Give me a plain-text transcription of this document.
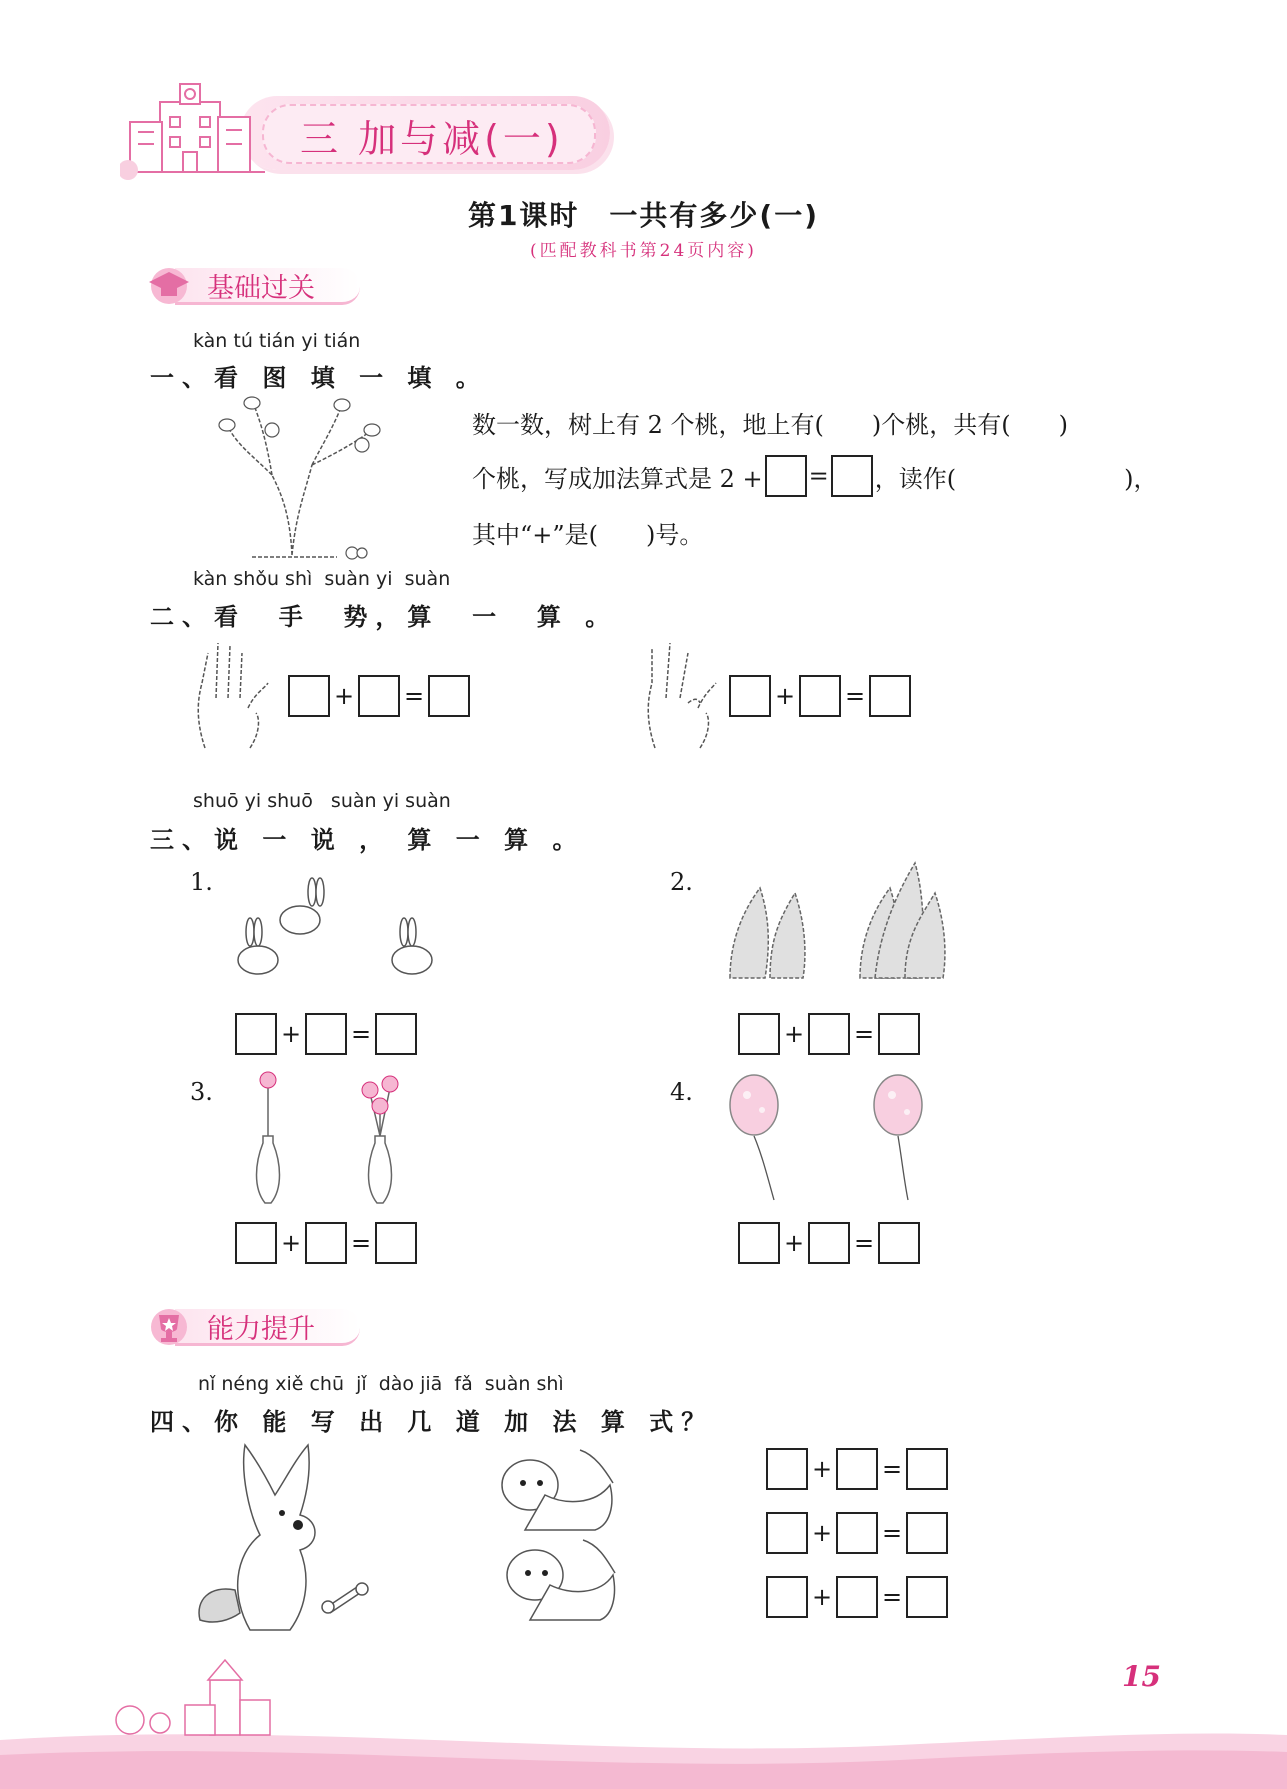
三 加与减(一)
第1课时　一共有多少(一)
(匹配教科书第24页内容)
基础过关
kàn tú tián yi tián
一、看 图 填 一 填 。
数一数，树上有 2 个桃，地上有(　　)个桃，共有(　　)
个桃，写成加法算式是 2 + = ，读作(　　　　　　　)，
其中“+”是(　　)号。
kàn shǒu shì  suàn yi  suàn
二、看  手  势，算  一  算 。
+ =	+ =
shuō yi shuō   suàn yi suàn
三、说 一 说 ， 算 一 算 。
1.
+ =
2.
+ =
3.
+ =
4.
+ =
能力提升
nǐ néng xiě chū  jǐ  dào jiā  fǎ  suàn shì
四、你 能 写 出 几 道 加 法 算 式？
+ =
+ =
+ =
15
